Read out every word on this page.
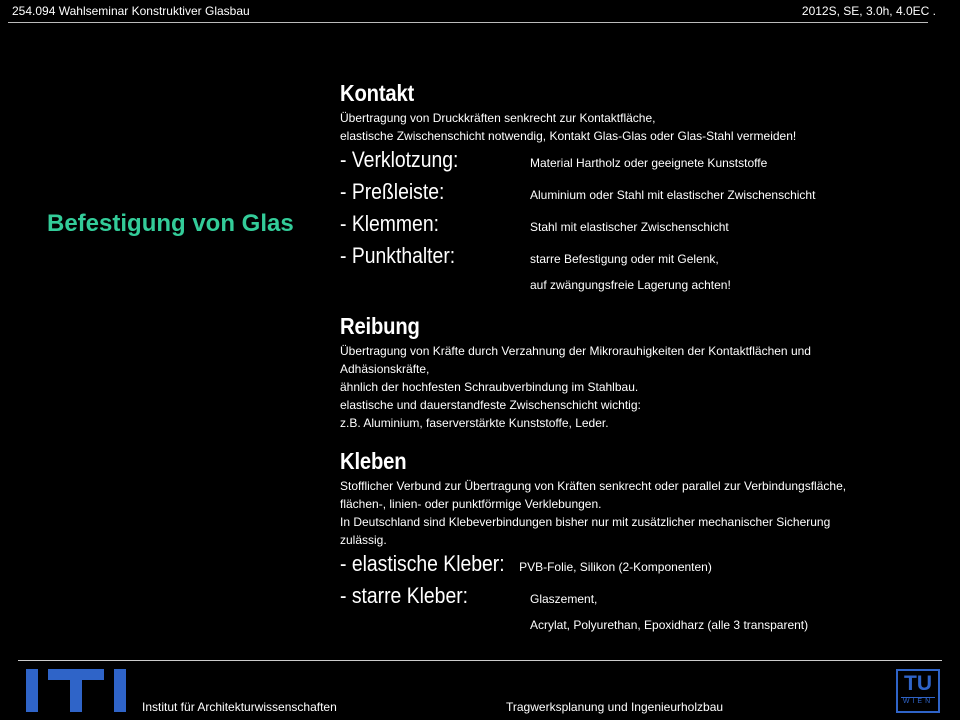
254.094 Wahlseminar Konstruktiver Glasbau	2012S, SE, 3.0h, 4.0EC .
Befestigung von Glas
Kontakt
Übertragung von Druckkräften senkrecht zur Kontaktfläche,
elastische Zwischenschicht notwendig, Kontakt Glas-Glas oder Glas-Stahl vermeiden!
- Verklotzung:	Material Hartholz oder geeignete Kunststoffe
- Preßleiste:	Aluminium oder Stahl mit elastischer Zwischenschicht
- Klemmen:	Stahl mit elastischer Zwischenschicht
- Punkthalter:	starre Befestigung oder mit Gelenk,
auf zwängungsfreie Lagerung achten!
Reibung
Übertragung von Kräfte durch Verzahnung der Mikrorauhigkeiten der Kontaktflächen und
Adhäsionskräfte,
ähnlich der hochfesten Schraubverbindung im Stahlbau.
elastische und dauerstandfeste Zwischenschicht wichtig:
z.B. Aluminium, faserverstärkte Kunststoffe, Leder.
Kleben
Stofflicher Verbund zur Übertragung von Kräften senkrecht oder parallel zur Verbindungsfläche,
flächen-, linien- oder punktförmige Verklebungen.
In Deutschland sind Klebeverbindungen bisher nur mit zusätzlicher mechanischer Sicherung
zulässig.
- elastische Kleber:	PVB-Folie, Silikon (2-Komponenten)
- starre Kleber:	Glaszement,
Acrylat, Polyurethan, Epoxidharz (alle 3 transparent)
Institut für Architekturwissenschaften	Tragwerksplanung und Ingenieurholzbau
TU
WIEN
